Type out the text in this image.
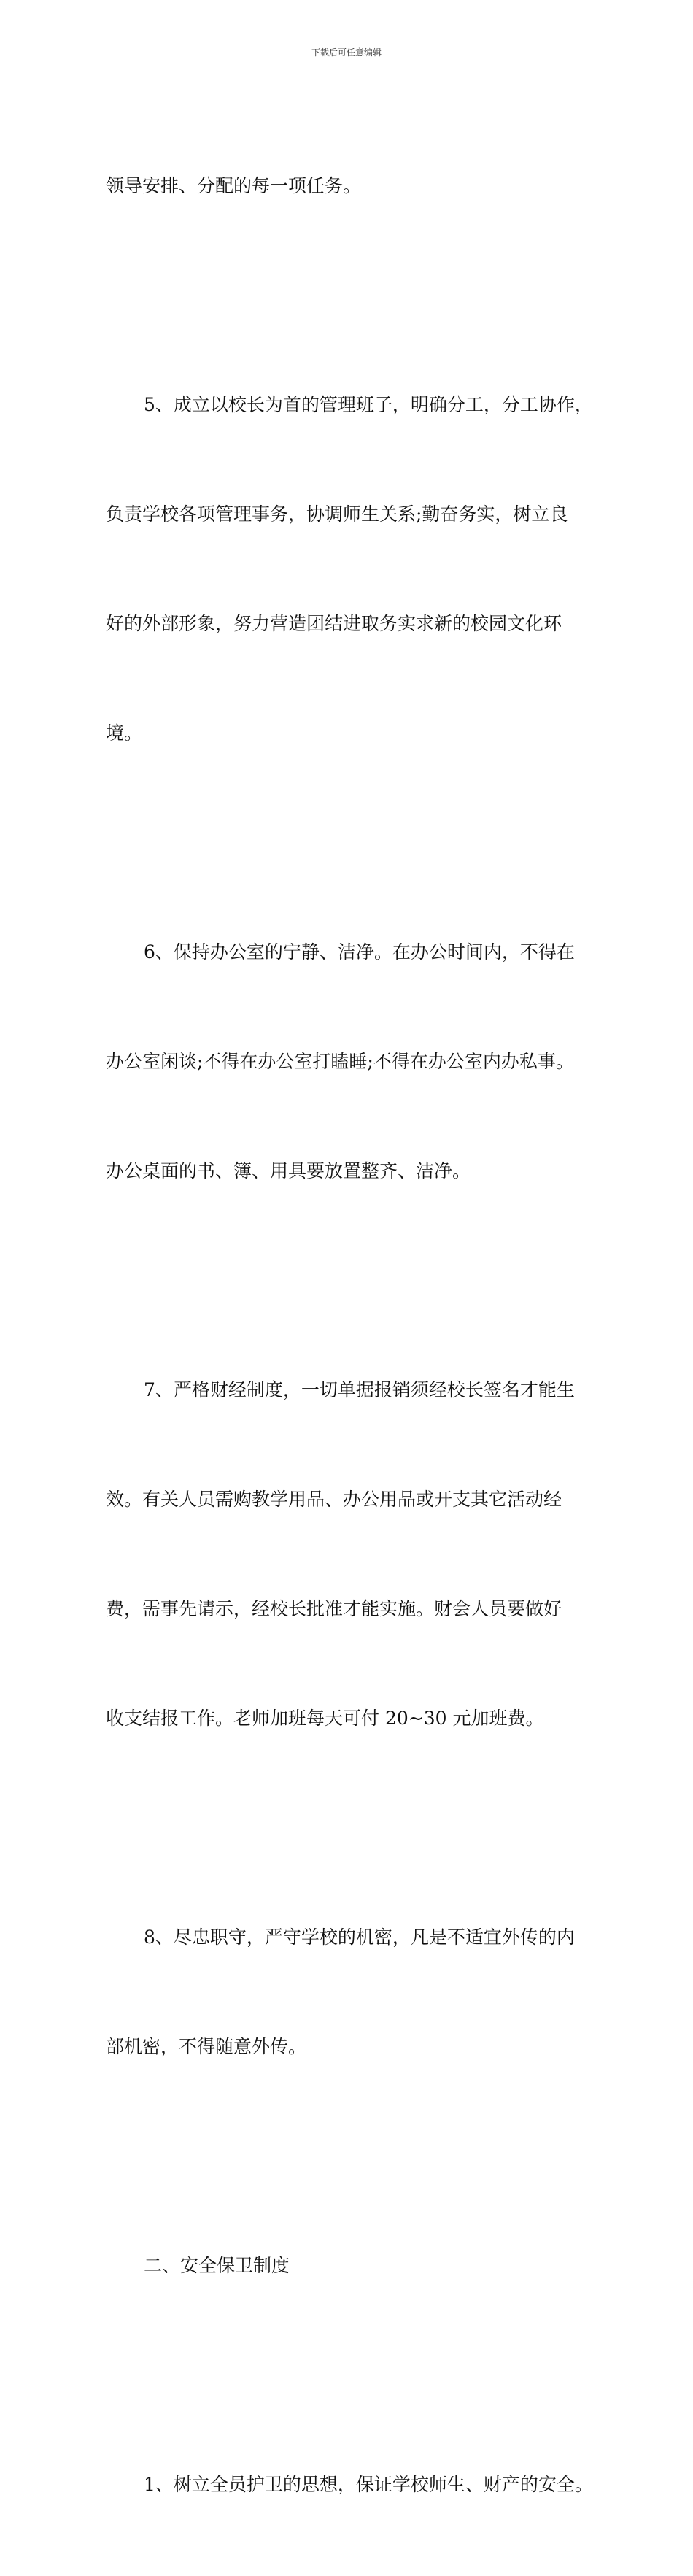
下载后可任意编辑

领导安排、分配的每一项任务。

5、成立以校长为首的管理班子，明确分工，分工协作，

负责学校各项管理事务，协调师生关系;勤奋务实，树立良

好的外部形象，努力营造团结进取务实求新的校园文化环

境。

6、保持办公室的宁静、洁净。在办公时间内，不得在

办公室闲谈;不得在办公室打瞌睡;不得在办公室内办私事。

办公桌面的书、簿、用具要放置整齐、洁净。

7、严格财经制度，一切单据报销须经校长签名才能生

效。有关人员需购教学用品、办公用品或开支其它活动经

费，需事先请示，经校长批准才能实施。财会人员要做好

收支结报工作。老师加班每天可付 20~30 元加班费。

8、尽忠职守，严守学校的机密，凡是不适宜外传的内

部机密，不得随意外传。

二、安全保卫制度

1、树立全员护卫的思想，保证学校师生、财产的安全。
